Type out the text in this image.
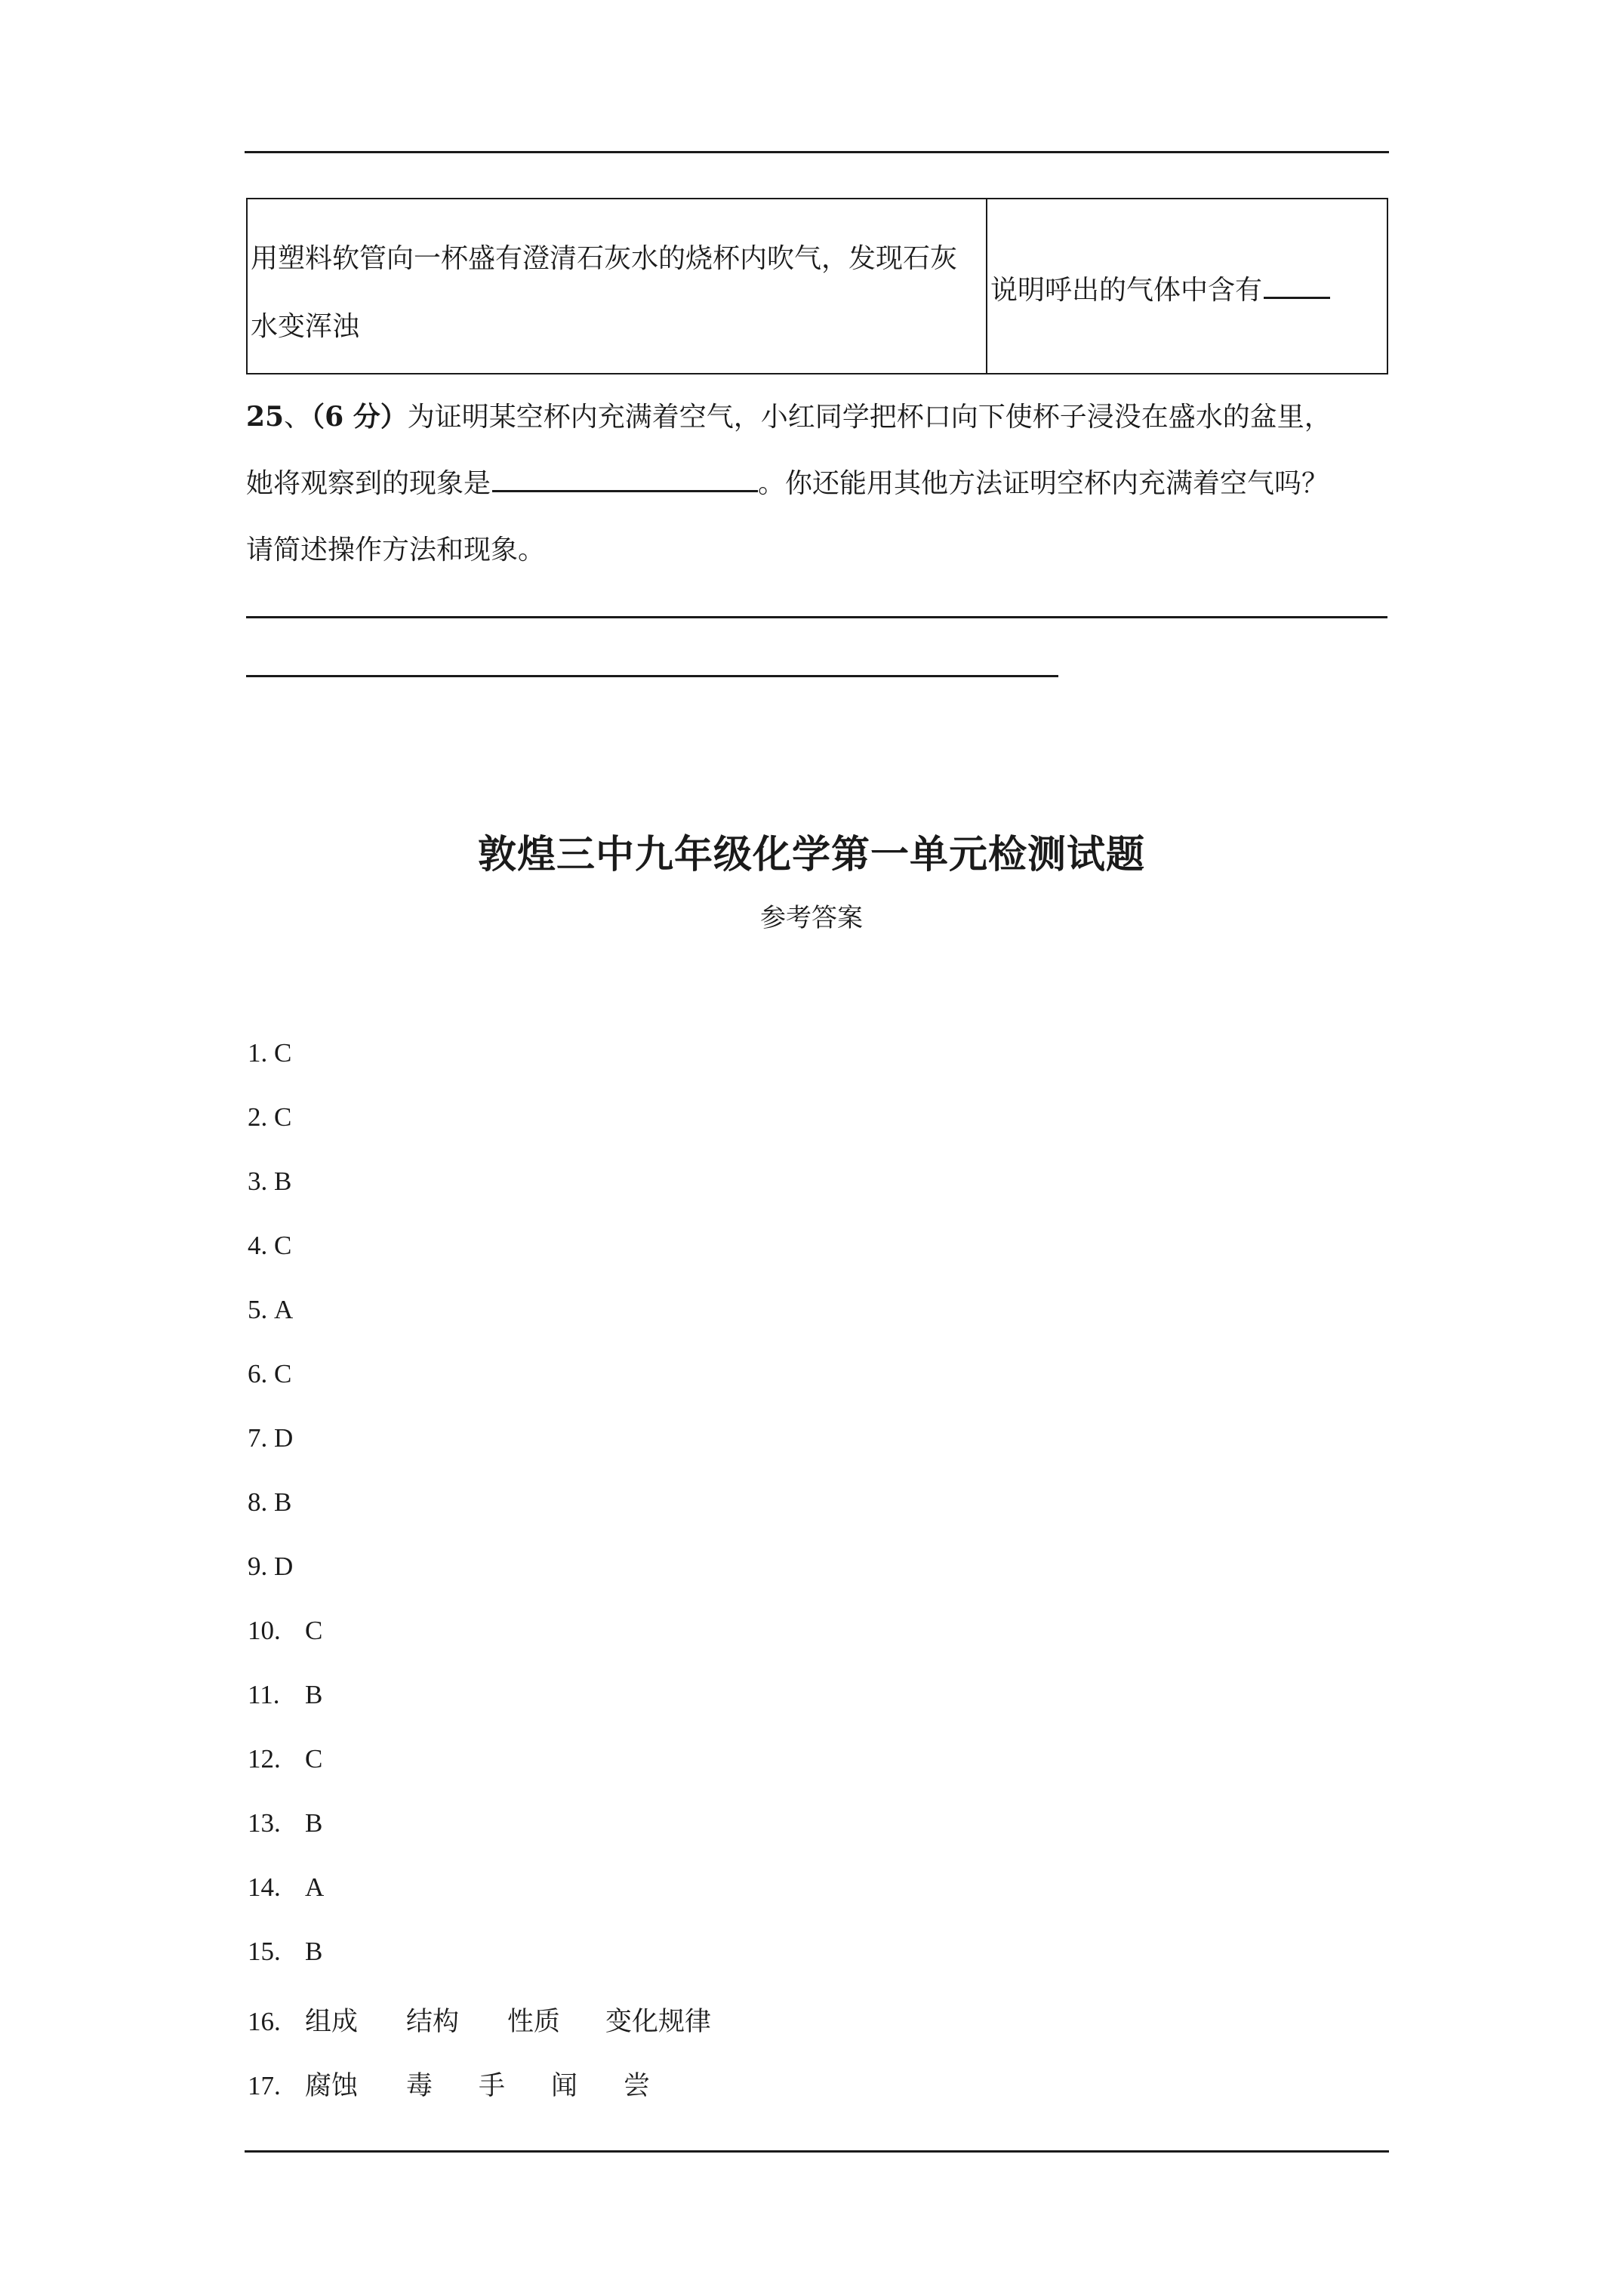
用塑料软管向一杯盛有澄清石灰水的烧杯内吹气，发现石灰
水变浑浊
说明呼出的气体中含有
25、（6 分）为证明某空杯内充满着空气，小红同学把杯口向下使杯子浸没在盛水的盆里，
她将观察到的现象是	。你还能用其他方法证明空杯内充满着空气吗？
请简述操作方法和现象。
敦煌三中九年级化学第一单元检测试题
参考答案
1. C
2. C
3. B
4. C
5. A
6. C
7. D
8. B
9. D
10. C
11. B
12. C
13. B
14. A
15. B
16. 组成 结构 性质 变化规律
17. 腐蚀 毒 手 闻 尝
